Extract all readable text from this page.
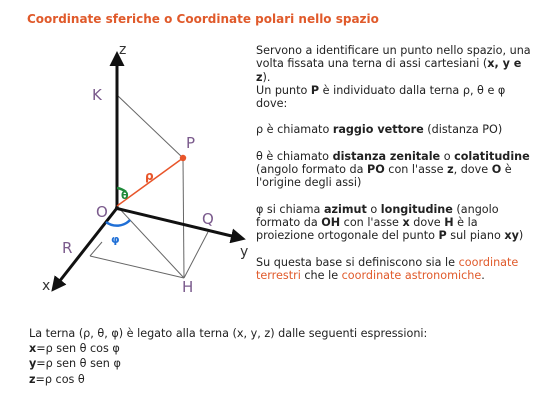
Coordinate sferiche o Coordinate polari nello spazio
z
y
x
O
P
K
Q
R
H
ρ
θ
φ

Servono a identificare un punto nello spazio, una volta fissata una terna di assi cartesiani (x, y e z).

Un punto P è individuato dalla terna ρ, θ e φ dove:

ρ è chiamato raggio vettore (distanza PO)

θ è chiamato distanza zenitale o colatitudine (angolo formato da PO con l'asse z, dove O è l'origine degli assi)

φ si chiama azimut o longitudine (angolo formato da OH con l'asse x dove H è la proiezione ortogonale del punto P sul piano xy)

Su questa base si definiscono sia le coordinate terrestri che le coordinate astronomiche.

La terna (ρ, θ, φ) è legato alla terna (x, y, z) dalle seguenti espressioni:
x=ρ sen θ cos φ
y=ρ sen θ sen φ
z=ρ cos θ
